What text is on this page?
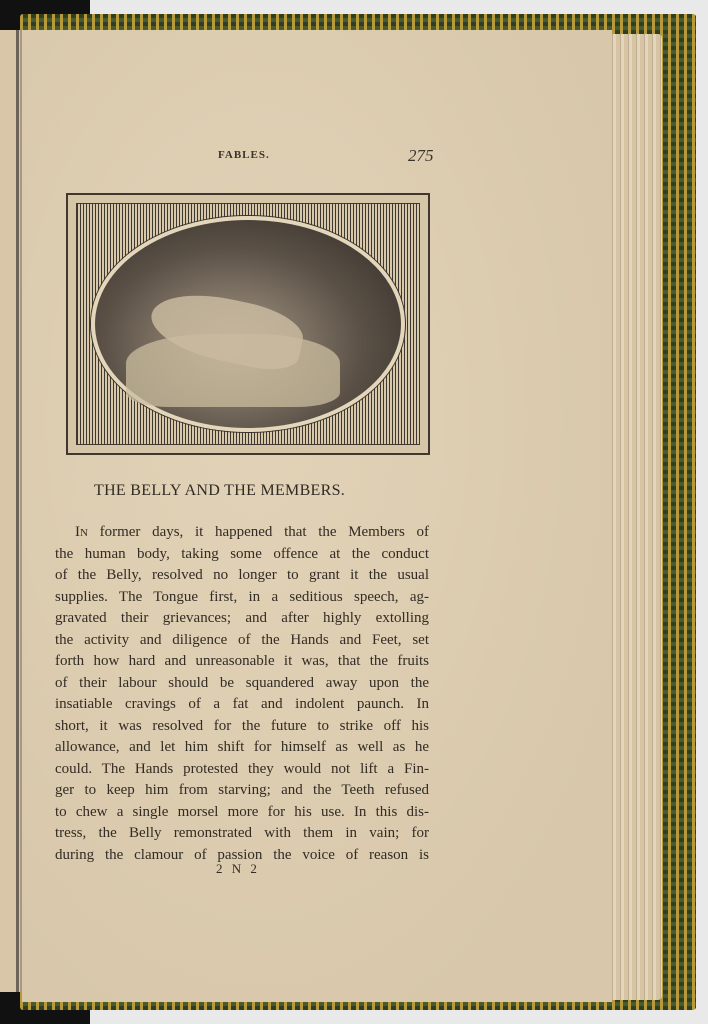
FABLES.	275
THE BELLY AND THE MEMBERS.
In former days, it happened that the Members of
the human body, taking some offence at the conduct
of the Belly, resolved no longer to grant it the usual
supplies. The Tongue first, in a seditious speech, ag-
gravated their grievances; and after highly extolling
the activity and diligence of the Hands and Feet, set
forth how hard and unreasonable it was, that the fruits
of their labour should be squandered away upon the
insatiable cravings of a fat and indolent paunch. In
short, it was resolved for the future to strike off his
allowance, and let him shift for himself as well as he
could. The Hands protested they would not lift a Fin-
ger to keep him from starving; and the Teeth refused
to chew a single morsel more for his use. In this dis-
tress, the Belly remonstrated with them in vain; for
during the clamour of passion the voice of reason is
2 N 2
